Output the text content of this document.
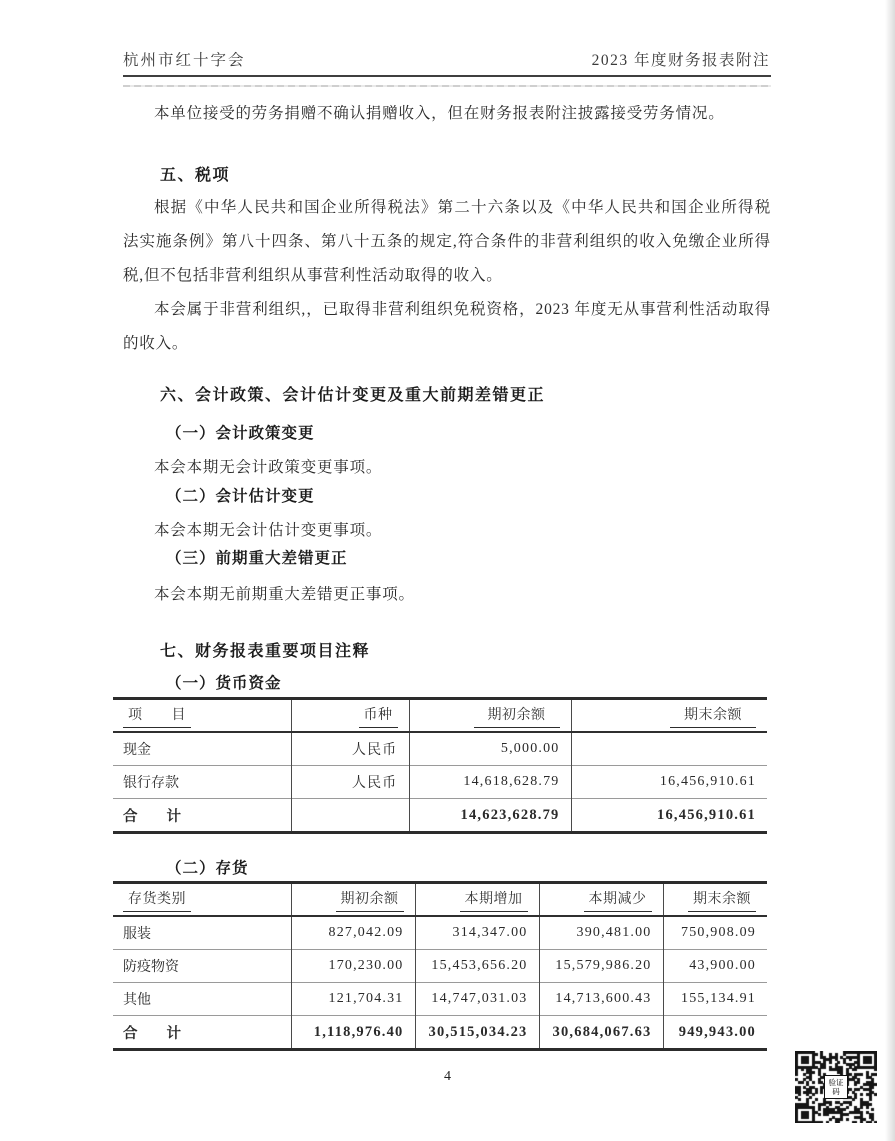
杭州市红十字会	2023 年度财务报表附注
本单位接受的劳务捐赠不确认捐赠收入，但在财务报表附注披露接受劳务情况。
五、税项
根据《中华人民共和国企业所得税法》第二十六条以及《中华人民共和国企业所得税法实施条例》第八十四条、第八十五条的规定,符合条件的非营利组织的收入免缴企业所得税,但不包括非营利组织从事营利性活动取得的收入。
本会属于非营利组织,，已取得非营利组织免税资格，2023 年度无从事营利性活动取得的收入。
六、会计政策、会计估计变更及重大前期差错更正
（一）会计政策变更
本会本期无会计政策变更事项。
（二）会计估计变更
本会本期无会计估计变更事项。
（三）前期重大差错更正
本会本期无前期重大差错更正事项。
七、财务报表重要项目注释
（一）货币资金
项　　目	币种	期初余额	期末余额
现金	人民币	5,000.00	
银行存款	人民币	14,618,628.79	16,456,910.61
合　　计		14,623,628.79	16,456,910.61
（二）存货
存货类别	期初余额	本期增加	本期减少	期末余额
服装	827,042.09	314,347.00	390,481.00	750,908.09
防疫物资	170,230.00	15,453,656.20	15,579,986.20	43,900.00
其他	121,704.31	14,747,031.03	14,713,600.43	155,134.91
合　　计	1,118,976.40	30,515,034.23	30,684,067.63	949,943.00
4	验证码
